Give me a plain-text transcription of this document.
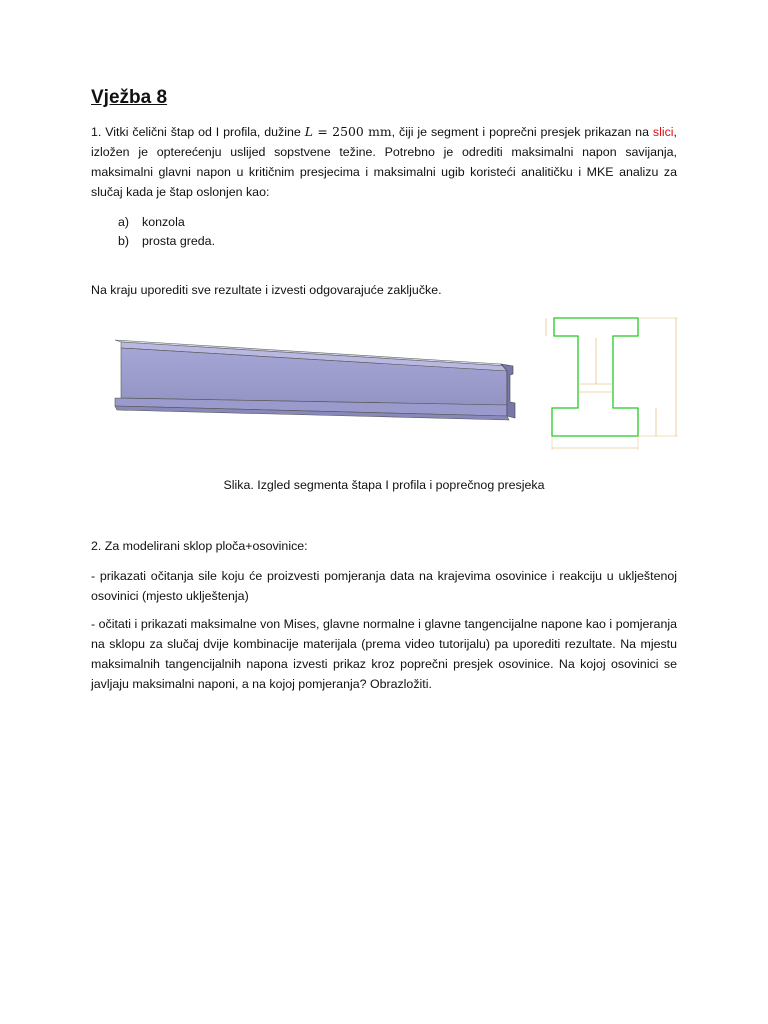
Vježba 8

1. Vitki čelični štap od I profila, dužine L = 2500 mm, čiji je segment i poprečni presjek prikazan na slici, izložen je opterećenju uslijed sopstvene težine. Potrebno je odrediti maksimalni napon savijanja, maksimalni glavni napon u kritičnim presjecima i maksimalni ugib koristeći analitičku i MKE analizu za slučaj kada je štap oslonjen kao:

a)	konzola
b)	prosta greda.

Na kraju uporediti sve rezultate i izvesti odgovarajuće zaključke.

Slika. Izgled segmenta štapa I profila i poprečnog presjeka

2. Za modelirani sklop ploča+osovinice:

- prikazati očitanja sile koju će proizvesti pomjeranja data na krajevima osovinice i reakciju u uklještenoj osovinici (mjesto uklještenja)

- očitati i prikazati maksimalne von Mises, glavne normalne i glavne tangencijalne napone kao i pomjeranja na sklopu za slučaj dvije kombinacije materijala (prema video tutorijalu) pa uporediti rezultate. Na mjestu maksimalnih tangencijalnih napona izvesti prikaz kroz poprečni presjek osovinice. Na kojoj osovinici se javljaju maksimalni naponi, a na kojoj pomjeranja? Obrazložiti.
